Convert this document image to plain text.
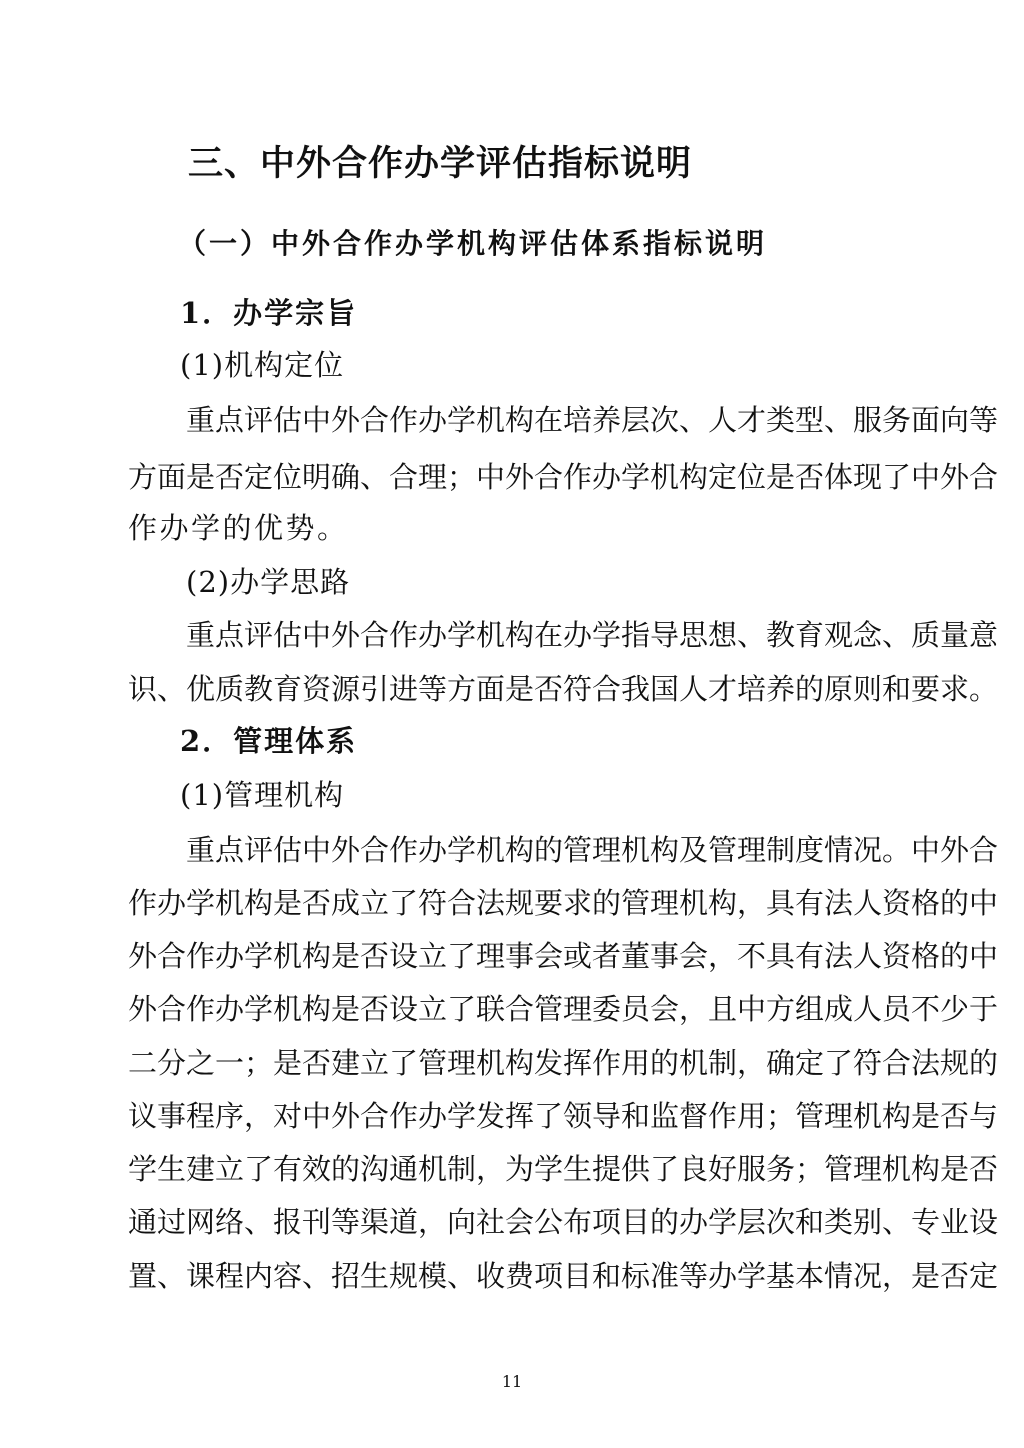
三、中外合作办学评估指标说明
（一）中外合作办学机构评估体系指标说明
1．办学宗旨

(1)机构定位

　　重点评估中外合作办学机构在培养层次、人才类型、服务面向等

方面是否定位明确、合理；中外合作办学机构定位是否体现了中外合

作办学的优势。

(2)办学思路

　　重点评估中外合作办学机构在办学指导思想、教育观念、质量意

识、优质教育资源引进等方面是否符合我国人才培养的原则和要求。

2．管理体系

(1)管理机构

　　重点评估中外合作办学机构的管理机构及管理制度情况。中外合

作办学机构是否成立了符合法规要求的管理机构，具有法人资格的中

外合作办学机构是否设立了理事会或者董事会，不具有法人资格的中

外合作办学机构是否设立了联合管理委员会，且中方组成人员不少于

二分之一；是否建立了管理机构发挥作用的机制，确定了符合法规的

议事程序，对中外合作办学发挥了领导和监督作用；管理机构是否与

学生建立了有效的沟通机制，为学生提供了良好服务；管理机构是否

通过网络、报刊等渠道，向社会公布项目的办学层次和类别、专业设

置、课程内容、招生规模、收费项目和标准等办学基本情况，是否定

11
